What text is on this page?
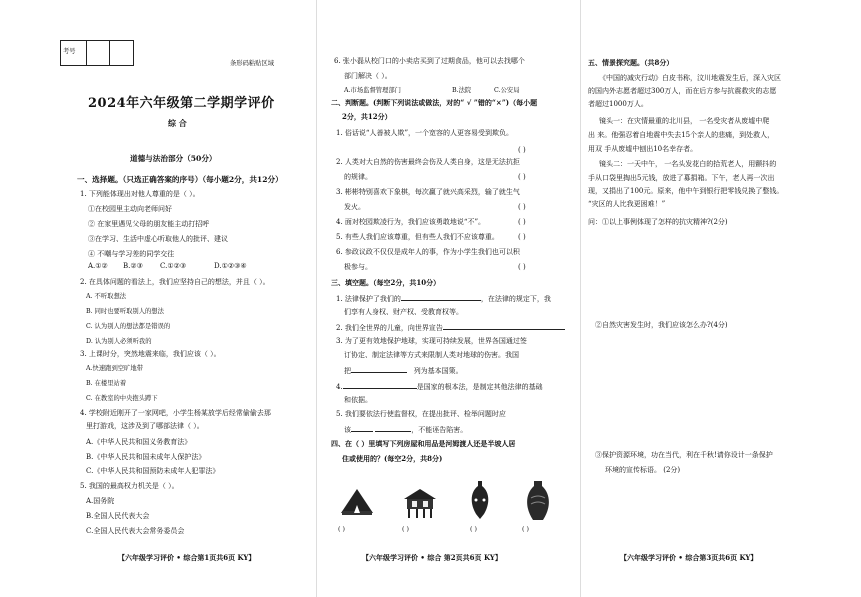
考号
条形码粘贴区域
2024年六年级第二学期学评价
综 合
道德与法治部分（50分）
一、选择题。（只选正确答案的序号）（每小题2分，共12分）
1. 下列能体现出对他人尊重的是（ ）。
①在校园里主动向老师问好
② 在家里遇见父母的朋友能主动打招呼
③在学习、生活中虚心听取他人的批评、建议
④ 不嘲与学习差的同学交往
A.①② B.②③ C.①②③	D.①②③④
2. 在具体问题的看法上，我们应坚持自己的想法，并且（ ）。
A. 不听取想法
B. 同时也要听取别人的想法
C. 认为别人的想法都是错误的
D. 认为别人必须听我的
3. 上课时分，突然地震来临，我们应该（ ）。
A.快速跑到空旷地带
B. 在楼里站着
C. 在教室的中央抱头蹲下
4. 学校附近刚开了一家网吧，小学生杨某放学后经常偷偷去那
里打游戏，这涉及到了哪部法律（ ）。
A.《中华人民共和国义务教育法》
B.《中华人民共和国未成年人保护法》
C.《中华人民共和国预防未成年人犯罪法》
5. 我国的最高权力机关是（ ）。
A.国务院
B.全国人民代表大会
C.全国人民代表大会常务委员会
【六年级学习评价 • 综合第1页共6页 KY】
6. 张小磊从校门口的小卖店买到了过期食品，他可以去找哪个
部门解决（ ）。
A.市场监督管理部门	B.法院	C.公安局
二、判断题。(判断下列说法或做法，对的“ √ ”错的“×”)（每小题
2分，共12分）
1. 俗话说“人善被人欺”，一个宽容的人更容易受到欺负。
( )
2. 人类对大自然的伤害最终会伤及人类自身，这是无法抗拒
的规律。	( )
3. 彬彬特别喜欢下象棋，每次赢了就兴高采烈，输了就生气
发火。	( )
4. 面对校园欺凌行为，我们应该勇敢地说“不”。	( )
5. 有些人我们应该尊重，但有些人我们不应该尊重。	( )
6. 参政议政不仅仅是成年人的事，作为小学生我们也可以积
极参与。	( )
三、填空题。（每空2分，共10分）
1. 法律保护了我们的	，在法律的规定下，我
们享有人身权、财产权、受教育权等。
2. 我们全世界的儿童，向世界宣告
3. 为了更有效地保护地球，实现可持续发展，世界各国通过签
订协定、制定法律等方式来限制人类对地球的伤害。我国
把	列为基本国策。
4.	是国家的根本法，是制定其他法律的基础
和依据。
5. 我们要依法行使监督权，在提出批评、检举问题时应
该	，不能诬告陷害。
四、在（ ）里填写下列房屋和用品是河姆渡人还是半坡人居
住或使用的？(每空2分，共8分)
( )	( )	( )	( )
【六年级学习评价 • 综合 第2页共6页 KY】
五、情景探究题。（共8分）
《中国的减灾行动》白皮书称，汶川地震发生后，深入灾区
的国内外志愿者超过300万人，而在后方参与抗震救灾的志愿
者超过1000万人。
镜头一：在灾情最重的北川县， 一名受灾者从废墟中爬
出 来。他强忍着自地震中失去15个亲人的悲痛，到处救人，
用双 手从废墟中刨出10名幸存者。
镜头二：一天中午， 一名头发花白的拾荒老人，用颤抖的
手从口袋里掏出5元钱，放进了募捐箱。下午，老人再一次出
现，又捐出了100元。原来，他中午到银行把零钱兑换了整钱。
“灾区的人比我更困难！”
问：①以上事例体现了怎样的抗灾精神?(2分)
②自然灾害发生时，我们应该怎么办?(4分)
③保护资源环境，功在当代，利在千秋!请你设计一条保护
环境的宣传标语。 (2分)
【六年级学习评价 • 综合第3页共6页 KY】
